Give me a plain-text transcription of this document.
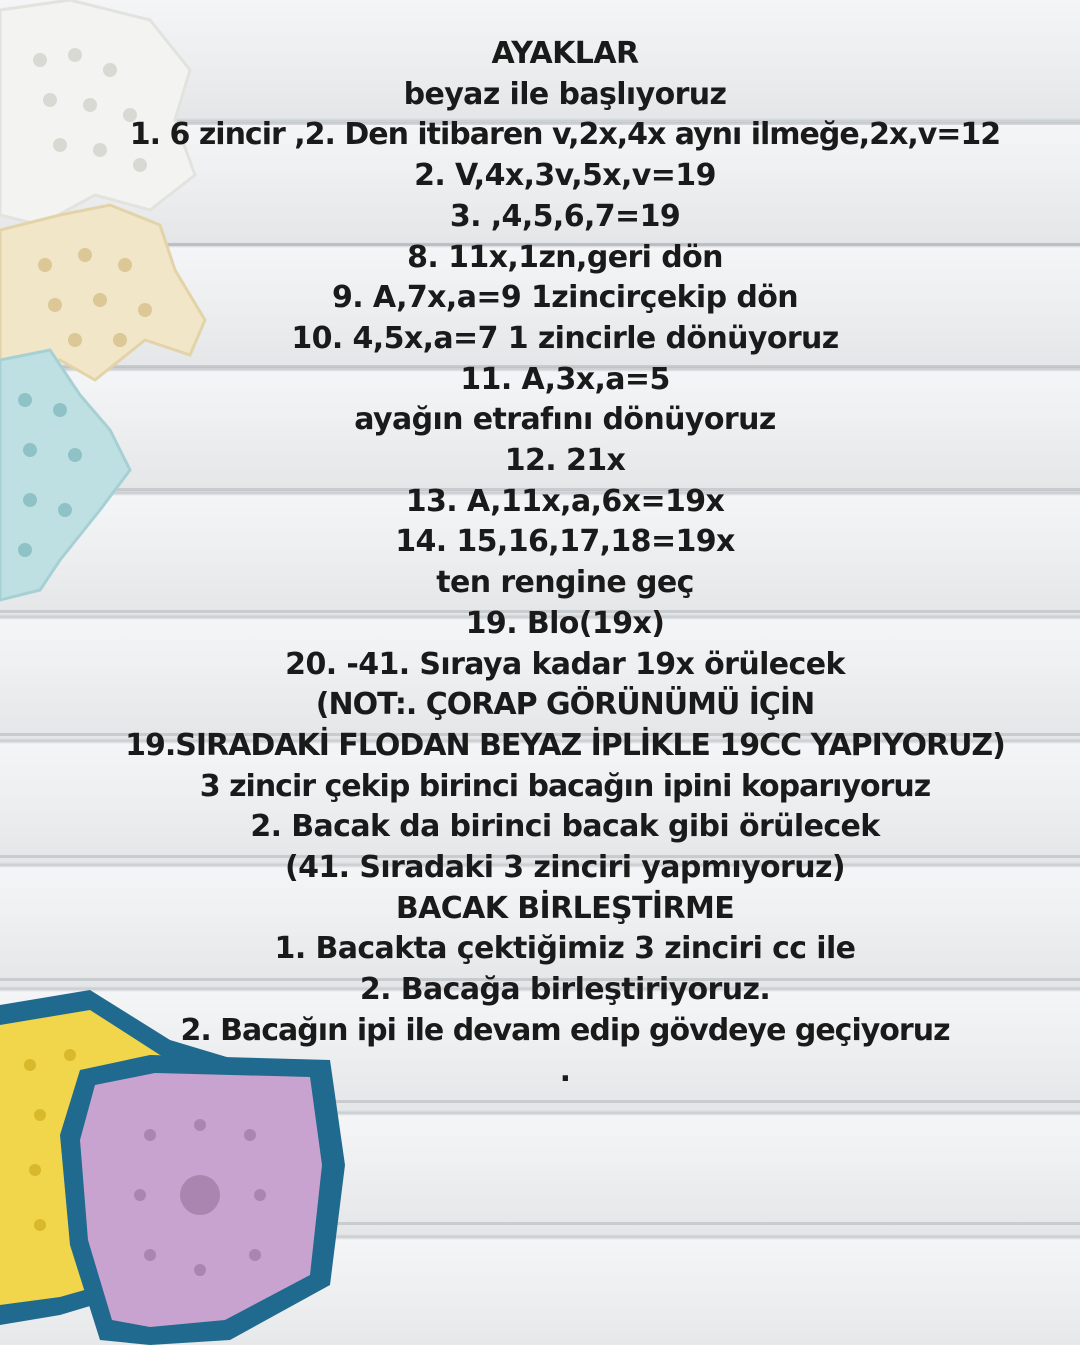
AYAKLAR
beyaz ile başlıyoruz
1. 6 zincir ,2. Den itibaren v,2x,4x aynı ilmeğe,2x,v=12
2. V,4x,3v,5x,v=19
3. ,4,5,6,7=19
8. 11x,1zn,geri dön
9. A,7x,a=9 1zincirçekip dön
10. 4,5x,a=7 1 zincirle dönüyoruz
11. A,3x,a=5
ayağın etrafını dönüyoruz
12. 21x
13. A,11x,a,6x=19x
14. 15,16,17,18=19x
ten rengine geç
19. Blo(19x)
20. -41. Sıraya kadar 19x örülecek
(NOT:. ÇORAP GÖRÜNÜMÜ İÇİN
19.SIRADAKİ FLODAN BEYAZ İPLİKLE 19CC YAPIYORUZ)
3 zincir çekip birinci bacağın ipini koparıyoruz
2. Bacak da birinci bacak gibi örülecek
(41. Sıradaki 3 zinciri yapmıyoruz)
BACAK BİRLEŞTİRME
1. Bacakta çektiğimiz 3 zinciri cc ile
2. Bacağa birleştiriyoruz.
2. Bacağın ipi ile devam edip gövdeye geçiyoruz
.
